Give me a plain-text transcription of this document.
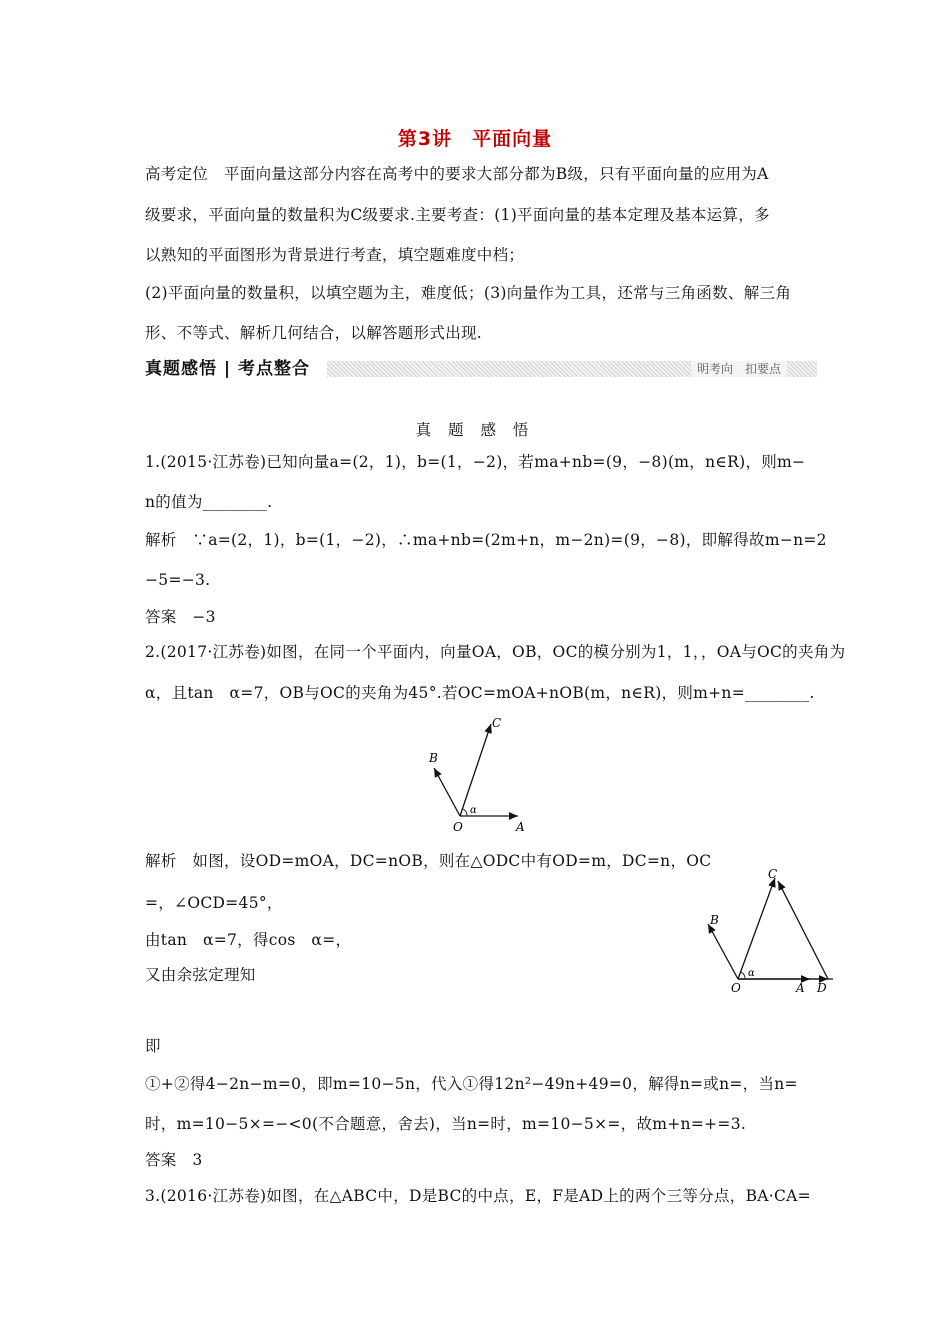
第3讲　平面向量
高考定位　平面向量这部分内容在高考中的要求大部分都为B级，只有平面向量的应用为A
级要求，平面向量的数量积为C级要求.主要考查：(1)平面向量的基本定理及基本运算，多
以熟知的平面图形为背景进行考查，填空题难度中档；
(2)平面向量的数量积，以填空题为主，难度低；(3)向量作为工具，还常与三角函数、解三角
形、不等式、解析几何结合，以解答题形式出现.
真题感悟 | 考点整合	明考向　扣要点
真 题 感 悟
1.(2015·江苏卷)已知向量a=(2，1)，b=(1，−2)，若ma+nb=(9，−8)(m，n∈R)，则m−
n的值为________.
解析　∵a=(2，1)，b=(1，−2)，∴ma+nb=(2m+n，m−2n)=(9，−8)，即解得故m−n=2
−5=−3.
答案　−3
2.(2017·江苏卷)如图，在同一个平面内，向量OA，OB，OC的模分别为1，1，，OA与OC的夹角为
α，且tan　α=7，OB与OC的夹角为45°.若OC=mOA+nOB(m，n∈R)，则m+n=________.
α
O	A
B
C
解析　如图，设OD=mOA，DC=nOB，则在△ODC中有OD=m，DC=n，OC
=，∠OCD=45°，
由tan　α=7，得cos　α=，
又由余弦定理知	α
O	A D
B
C
即
①+②得4−2n−m=0，即m=10−5n，代入①得12n²−49n+49=0，解得n=或n=，当n=
时，m=10−5×=−<0(不合题意，舍去)，当n=时，m=10−5×=，故m+n=+=3.
答案　3
3.(2016·江苏卷)如图，在△ABC中，D是BC的中点，E，F是AD上的两个三等分点，BA·CA=
